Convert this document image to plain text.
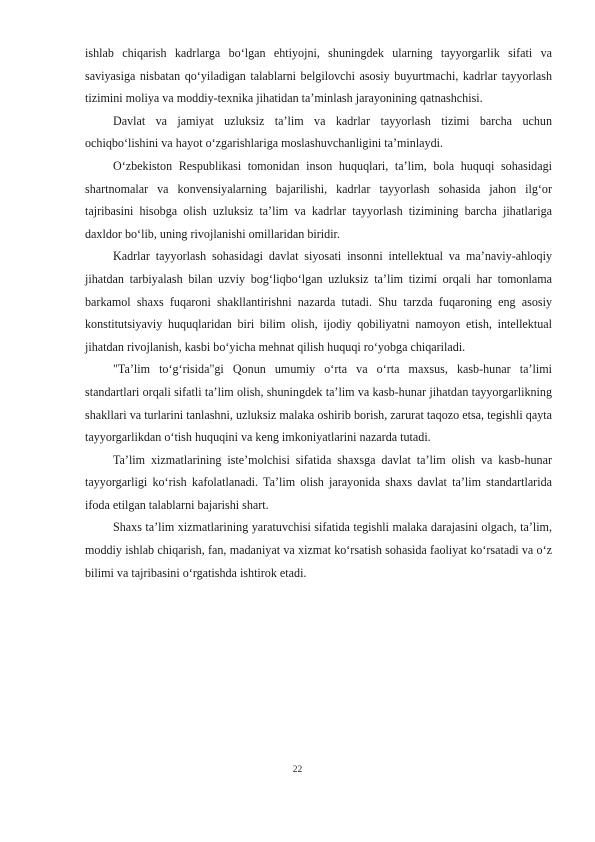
ishlab chiqarish kadrlarga bo‘lgan ehtiyojni, shuningdek ularning tayyorgarlik sifati va saviyasiga nisbatan qo‘yiladigan talablarni belgilovchi asosiy buyurtmachi, kadrlar tayyorlash tizimini moliya va moddiy-texnika jihatidan ta’minlash jarayonining qatnashchisi.

Davlat va jamiyat uzluksiz ta’lim va kadrlar tayyorlash tizimi barcha uchun ochiqbo‘lishini va hayot o‘zgarishlariga moslashuvchanligini ta’minlaydi.

O‘zbekiston Respublikasi tomonidan inson huquqlari, ta’lim, bola huquqi sohasidagi shartnomalar va konvensiyalarning bajarilishi, kadrlar tayyorlash sohasida jahon ilg‘or tajribasini hisobga olish uzluksiz ta’lim va kadrlar tayyorlash tizimining barcha jihatlariga daxldor bo‘lib, uning rivojlanishi omillaridan biridir.

Kadrlar tayyorlash sohasidagi davlat siyosati insonni intellektual va ma’naviy-ahloqiy jihatdan tarbiyalash bilan uzviy bog‘liqbo‘lgan uzluksiz ta’lim tizimi orqali har tomonlama barkamol shaxs fuqaroni shakllantirishni nazarda tutadi. Shu tarzda fuqaroning eng asosiy konstitutsiyaviy huquqlaridan biri bilim olish, ijodiy qobiliyatni namoyon etish, intellektual jihatdan rivojlanish, kasbi bo‘yicha mehnat qilish huquqi ro‘yobga chiqariladi.

"Ta’lim to‘g‘risida"gi Qonun umumiy o‘rta va o‘rta maxsus, kasb-hunar ta’limi standartlari orqali sifatli ta’lim olish, shuningdek ta’lim va kasb-hunar jihatdan tayyorgarlikning shakllari va turlarini tanlashni, uzluksiz malaka oshirib borish, zarurat taqozo etsa, tegishli qayta tayyorgarlikdan o‘tish huquqini va keng imkoniyatlarini nazarda tutadi.

Ta’lim xizmatlarining iste’molchisi sifatida shaxsga davlat ta’lim olish va kasb-hunar tayyorgarligi ko‘rish kafolatlanadi. Ta’lim olish jarayonida shaxs davlat ta’lim standartlarida ifoda etilgan talablarni bajarishi shart.

Shaxs ta’lim xizmatlarining yaratuvchisi sifatida tegishli malaka darajasini olgach, ta’lim, moddiy ishlab chiqarish, fan, madaniyat va xizmat ko‘rsatish sohasida faoliyat ko‘rsatadi va o‘z bilimi va tajribasini o‘rgatishda ishtirok etadi.

22
